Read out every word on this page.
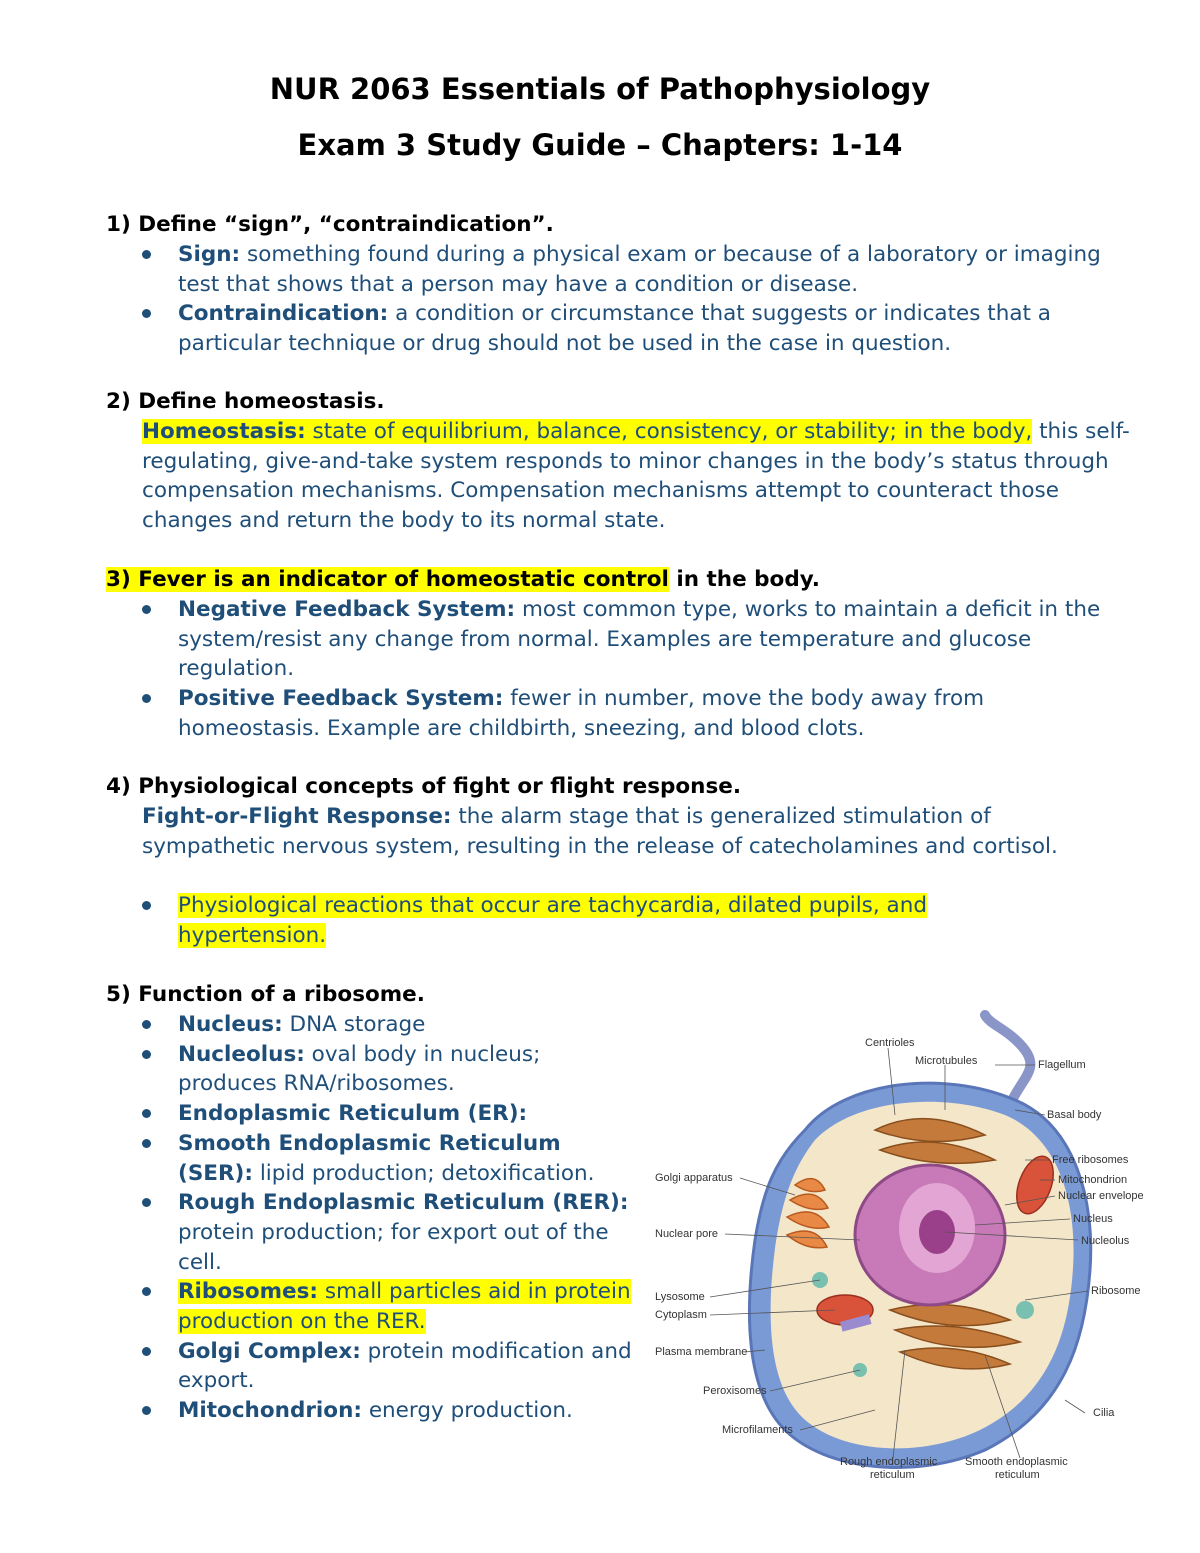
NUR 2063 Essentials of Pathophysiology
Exam 3 Study Guide – Chapters: 1-14
1) Define “sign”, “contraindication”.
Sign: something found during a physical exam or because of a laboratory or imaging test that shows that a person may have a condition or disease.
Contraindication: a condition or circumstance that suggests or indicates that a particular technique or drug should not be used in the case in question.
2) Define homeostasis.
Homeostasis: state of equilibrium, balance, consistency, or stability; in the body, this self-regulating, give-and-take system responds to minor changes in the body’s status through compensation mechanisms. Compensation mechanisms attempt to counteract those changes and return the body to its normal state.
3) Fever is an indicator of homeostatic control in the body.
Negative Feedback System: most common type, works to maintain a deficit in the system/resist any change from normal. Examples are temperature and glucose regulation.
Positive Feedback System: fewer in number, move the body away from homeostasis. Example are childbirth, sneezing, and blood clots.
4) Physiological concepts of fight or flight response.
Fight-or-Flight Response: the alarm stage that is generalized stimulation of sympathetic nervous system, resulting in the release of catecholamines and cortisol.
Physiological reactions that occur are tachycardia, dilated pupils, and hypertension.
5) Function of a ribosome.
Nucleus: DNA storage
Nucleolus: oval body in nucleus; produces RNA/ribosomes.
Endoplasmic Reticulum (ER):
Smooth Endoplasmic Reticulum (SER): lipid production; detoxification.
Rough Endoplasmic Reticulum (RER): protein production; for export out of the cell.
Ribosomes: small particles aid in protein production on the RER.
Golgi Complex: protein modification and export.
Mitochondrion: energy production.
Centrioles
Microtubules	Flagellum
Basal body
Free ribosomes
Mitochondrion
Nuclear envelope
Nucleus
Nucleolus
Ribosome
Golgi apparatus
Nuclear pore
Lysosome
Cytoplasm
Plasma membrane
Peroxisomes
Microfilaments
Cilia
Rough endoplasmic
reticulum
Smooth endoplasmic
reticulum
